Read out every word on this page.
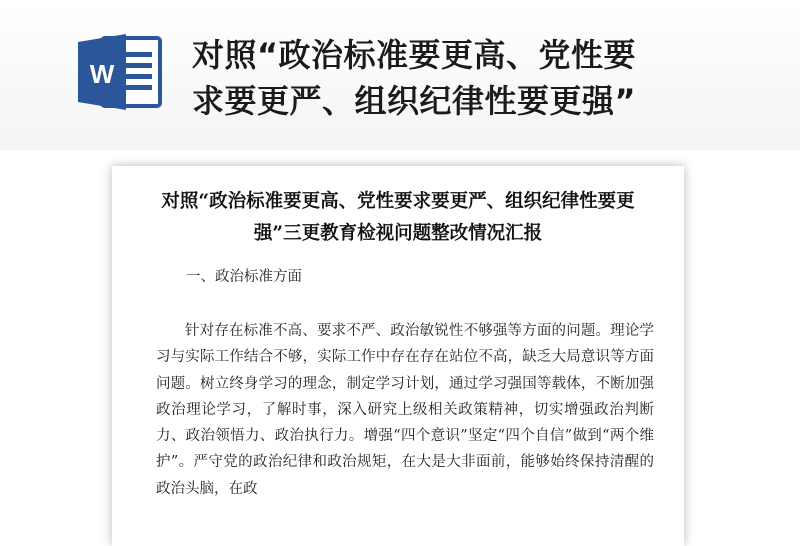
W 对照“政治标准要更高、党性要
求要更严、组织纪律性要更强”
对照“政治标准要更高、党性要求要更严、组织纪律性要更强”三更教育检视问题整改情况汇报
一、政治标准方面
针对存在标准不高、要求不严、政治敏锐性不够强等方面的问题。理论学习与实际工作结合不够，实际工作中存在存在站位不高，缺乏大局意识等方面问题。树立终身学习的理念，制定学习计划，通过学习强国等载体，不断加强政治理论学习，了解时事，深入研究上级相关政策精神，切实增强政治判断力、政治领悟力、政治执行力。增强“四个意识”坚定“四个自信”做到“两个维护”。严守党的政治纪律和政治规矩，在大是大非面前，能够始终保持清醒的政治头脑，在政
